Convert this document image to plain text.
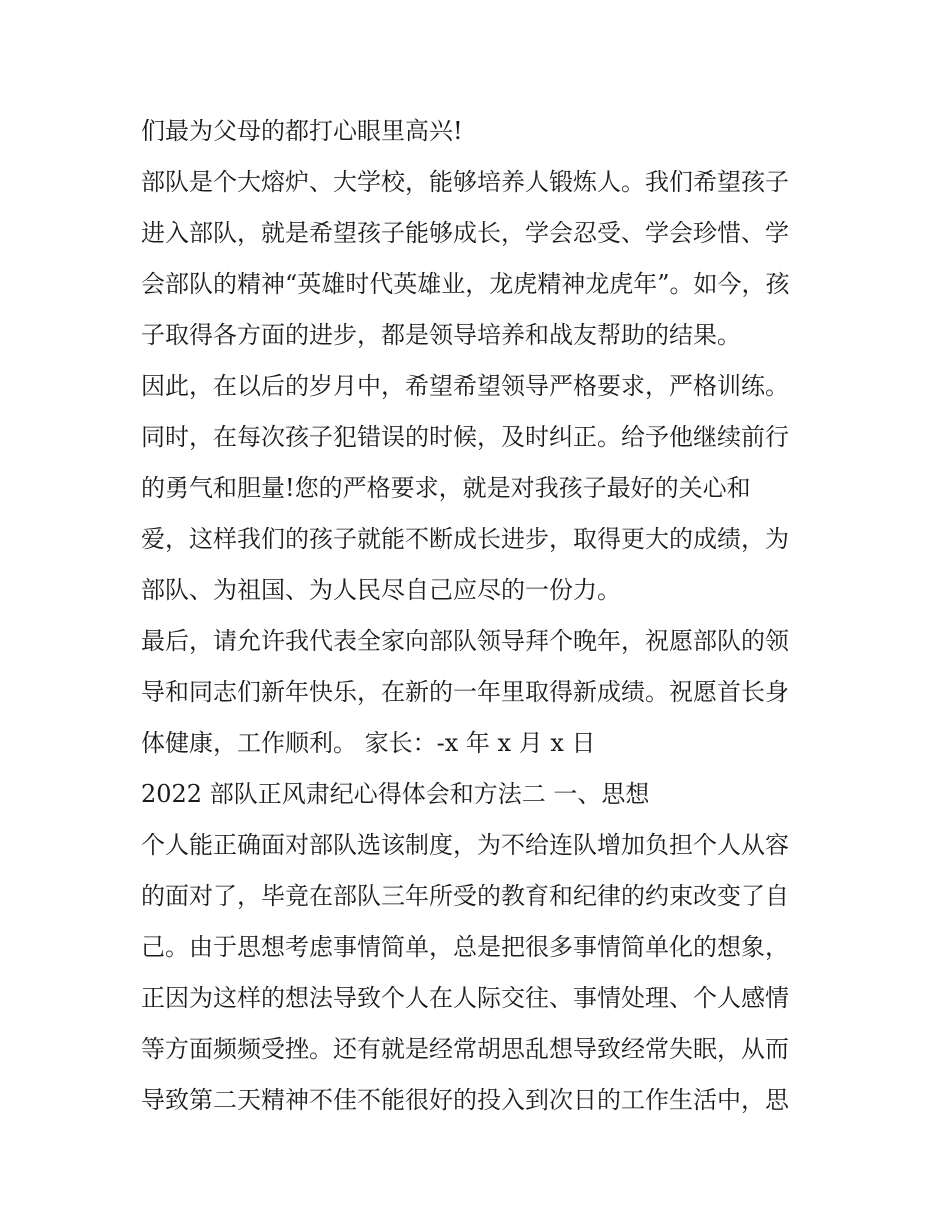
们最为父母的都打心眼里高兴!
部队是个大熔炉、大学校，能够培养人锻炼人。我们希望孩子
进入部队，就是希望孩子能够成长，学会忍受、学会珍惜、学
会部队的精神“英雄时代英雄业，龙虎精神龙虎年”。如今，孩
子取得各方面的进步，都是领导培养和战友帮助的结果。
因此，在以后的岁月中，希望希望领导严格要求，严格训练。
同时，在每次孩子犯错误的时候，及时纠正。给予他继续前行
的勇气和胆量!您的严格要求，就是对我孩子最好的关心和
爱，这样我们的孩子就能不断成长进步，取得更大的成绩，为
部队、为祖国、为人民尽自己应尽的一份力。
最后，请允许我代表全家向部队领导拜个晚年，祝愿部队的领
导和同志们新年快乐，在新的一年里取得新成绩。祝愿首长身
体健康，工作顺利。 家长：-x 年 x 月 x 日
2022 部队正风肃纪心得体会和方法二 一、思想
个人能正确面对部队选该制度，为不给连队增加负担个人从容
的面对了，毕竟在部队三年所受的教育和纪律的约束改变了自
己。由于思想考虑事情简单，总是把很多事情简单化的想象，
正因为这样的想法导致个人在人际交往、事情处理、个人感情
等方面频频受挫。还有就是经常胡思乱想导致经常失眠，从而
导致第二天精神不佳不能很好的投入到次日的工作生活中，思
